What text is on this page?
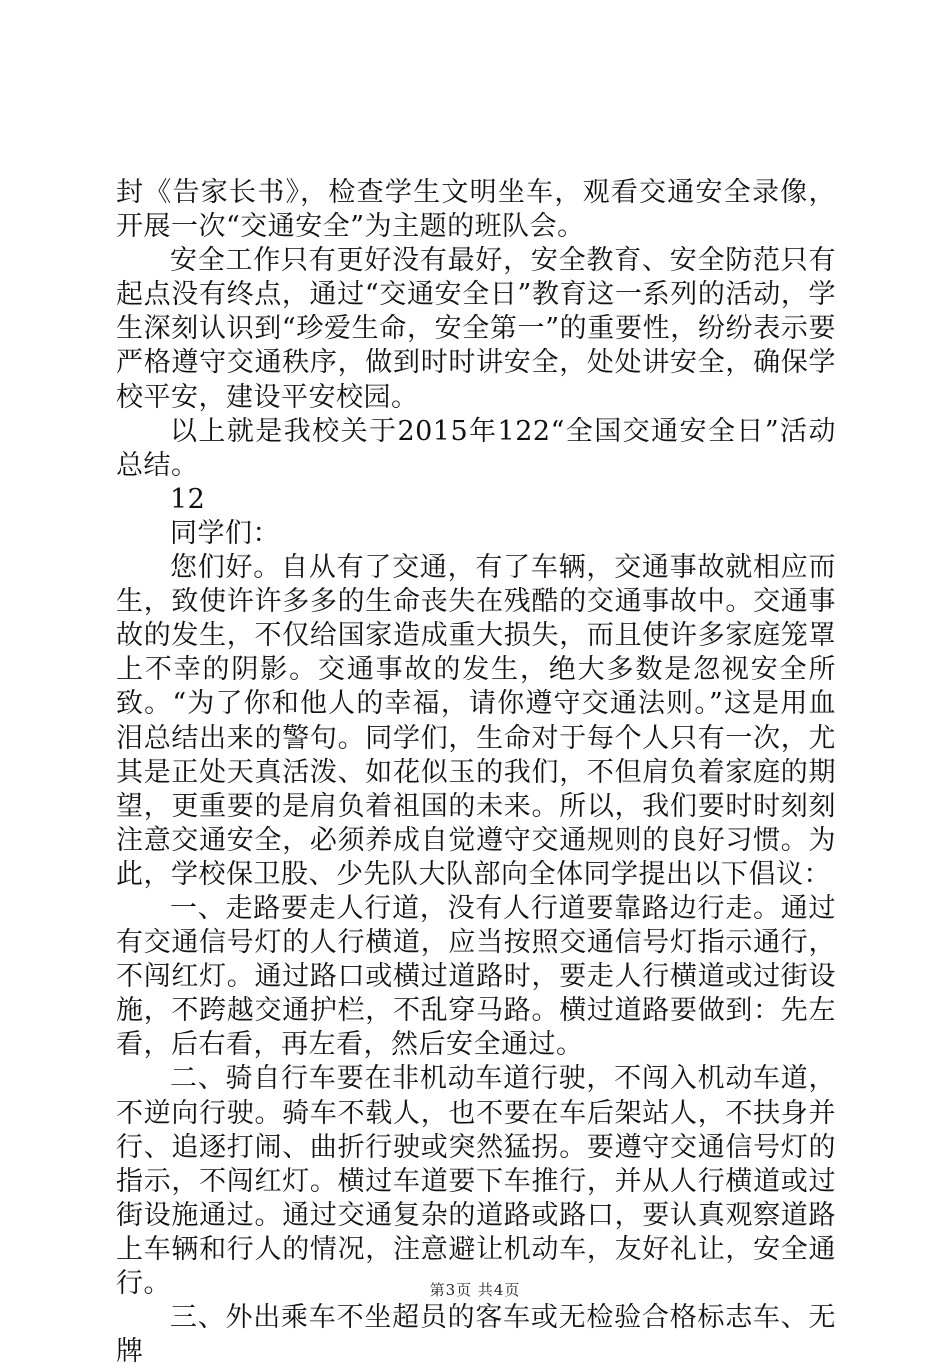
封《告家长书》，检查学生文明坐车，观看交通安全录像，开展一次“交通安全”为主题的班队会。

安全工作只有更好没有最好，安全教育、安全防范只有起点没有终点，通过“交通安全日”教育这一系列的活动，学生深刻认识到“珍爱生命，安全第一”的重要性，纷纷表示要严格遵守交通秩序，做到时时讲安全，处处讲安全，确保学校平安，建设平安校园。

以上就是我校关于2015年122“全国交通安全日”活动总结。

12

同学们：

您们好。自从有了交通，有了车辆，交通事故就相应而生，致使许许多多的生命丧失在残酷的交通事故中。交通事故的发生，不仅给国家造成重大损失，而且使许多家庭笼罩上不幸的阴影。交通事故的发生，绝大多数是忽视安全所致。“为了你和他人的幸福，请你遵守交通法则。”这是用血泪总结出来的警句。同学们，生命对于每个人只有一次，尤其是正处天真活泼、如花似玉的我们，不但肩负着家庭的期望，更重要的是肩负着祖国的未来。所以，我们要时时刻刻注意交通安全，必须养成自觉遵守交通规则的良好习惯。为此，学校保卫股、少先队大队部向全体同学提出以下倡议：

一、走路要走人行道，没有人行道要靠路边行走。通过有交通信号灯的人行横道，应当按照交通信号灯指示通行，不闯红灯。通过路口或横过道路时，要走人行横道或过街设施，不跨越交通护栏，不乱穿马路。横过道路要做到：先左看，后右看，再左看，然后安全通过。

二、骑自行车要在非机动车道行驶，不闯入机动车道，不逆向行驶。骑车不载人，也不要在车后架站人，不扶身并行、追逐打闹、曲折行驶或突然猛拐。要遵守交通信号灯的指示，不闯红灯。横过车道要下车推行，并从人行横道或过街设施通过。通过交通复杂的道路或路口，要认真观察道路上车辆和行人的情况，注意避让机动车，友好礼让，安全通行。

三、外出乘车不坐超员的客车或无检验合格标志车、无牌

第3页 共4页
